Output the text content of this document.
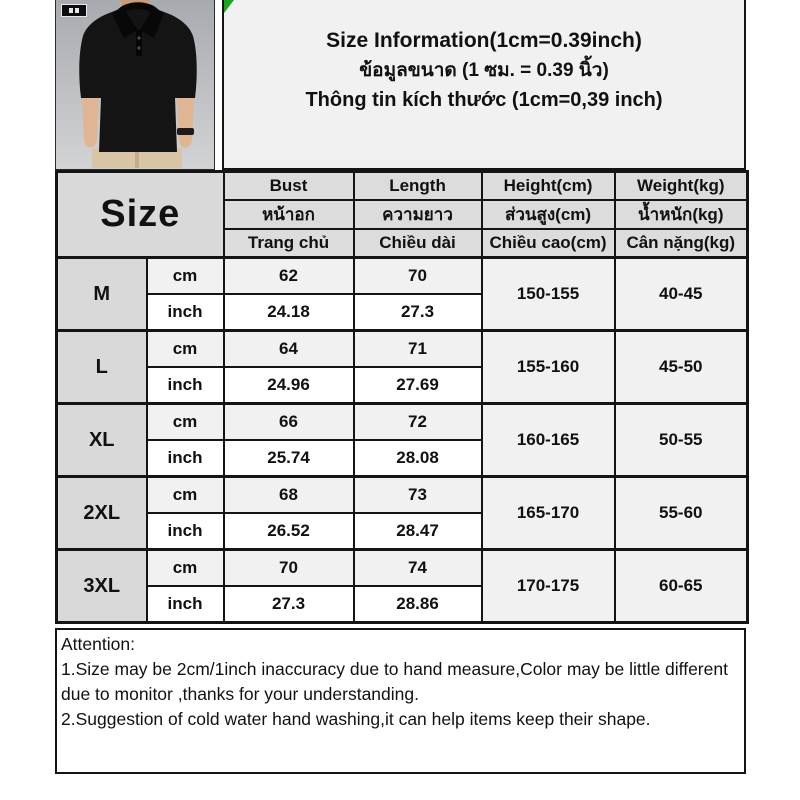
Size Information(1cm=0.39inch)
ข้อมูลขนาด (1 ซม. = 0.39 นิ้ว)
Thông tin kích thước (1cm=0,39 inch)
Size		Bust	Length	Height(cm)	Weight(kg)
		หน้าอก	ความยาว	ส่วนสูง(cm)	น้ำหนัก(kg)
		Trang chủ	Chiều dài	Chiều cao(cm)	Cân nặng(kg)
M	cm	62	70	150-155	40-45
	inch	24.18	27.3		
L	cm	64	71	155-160	45-50
	inch	24.96	27.69		
XL	cm	66	72	160-165	50-55
	inch	25.74	28.08		
2XL	cm	68	73	165-170	55-60
	inch	26.52	28.47		
3XL	cm	70	74	170-175	60-65
	inch	27.3	28.86		

Attention:

1.Size may be 2cm/1inch inaccuracy due to hand measure,Color may be little different due to monitor ,thanks for your understanding.

2.Suggestion of cold water hand washing,it can help items keep their shape.
